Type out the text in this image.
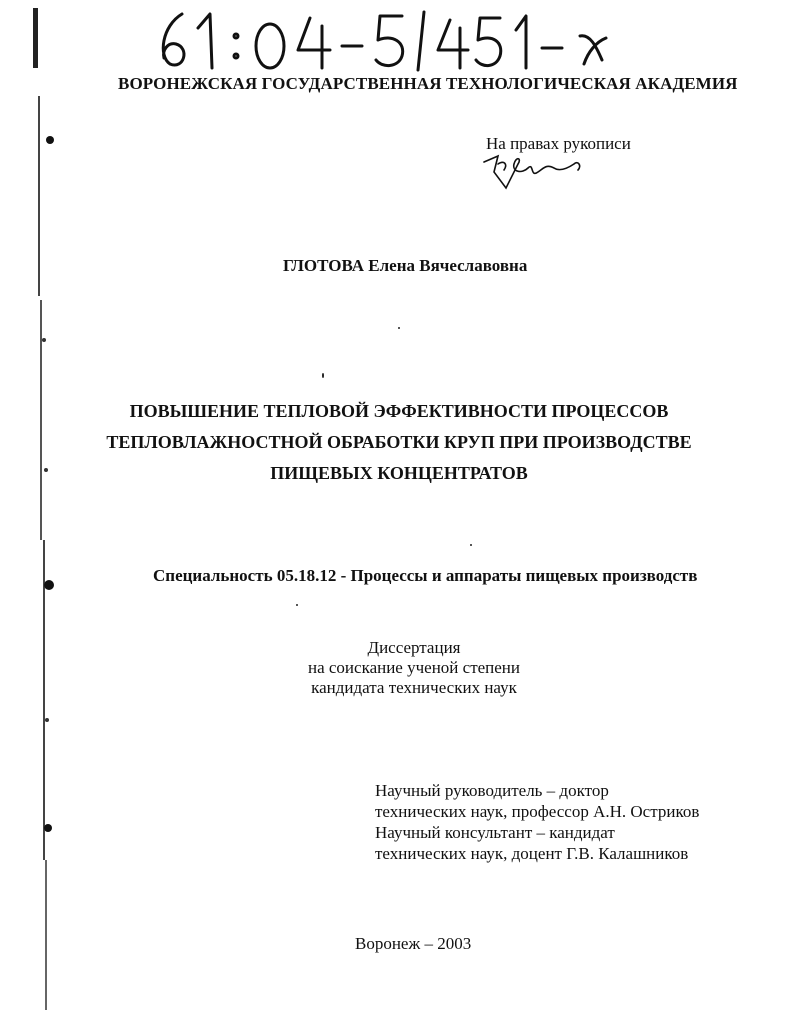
ВОРОНЕЖСКАЯ ГОСУДАРСТВЕННАЯ ТЕХНОЛОГИЧЕСКАЯ АКАДЕМИЯ
На правах рукописи
ГЛОТОВА Елена Вячеславовна
ПОВЫШЕНИЕ ТЕПЛОВОЙ ЭФФЕКТИВНОСТИ ПРОЦЕССОВ
ТЕПЛОВЛАЖНОСТНОЙ ОБРАБОТКИ КРУП ПРИ ПРОИЗВОДСТВЕ
ПИЩЕВЫХ КОНЦЕНТРАТОВ
Специальность 05.18.12 - Процессы и аппараты пищевых производств
Диссертация
на соискание ученой степени
кандидата технических наук
Научный руководитель – доктор
технических наук, профессор А.Н. Остриков
Научный консультант – кандидат
технических наук, доцент Г.В. Калашников
Воронеж – 2003
